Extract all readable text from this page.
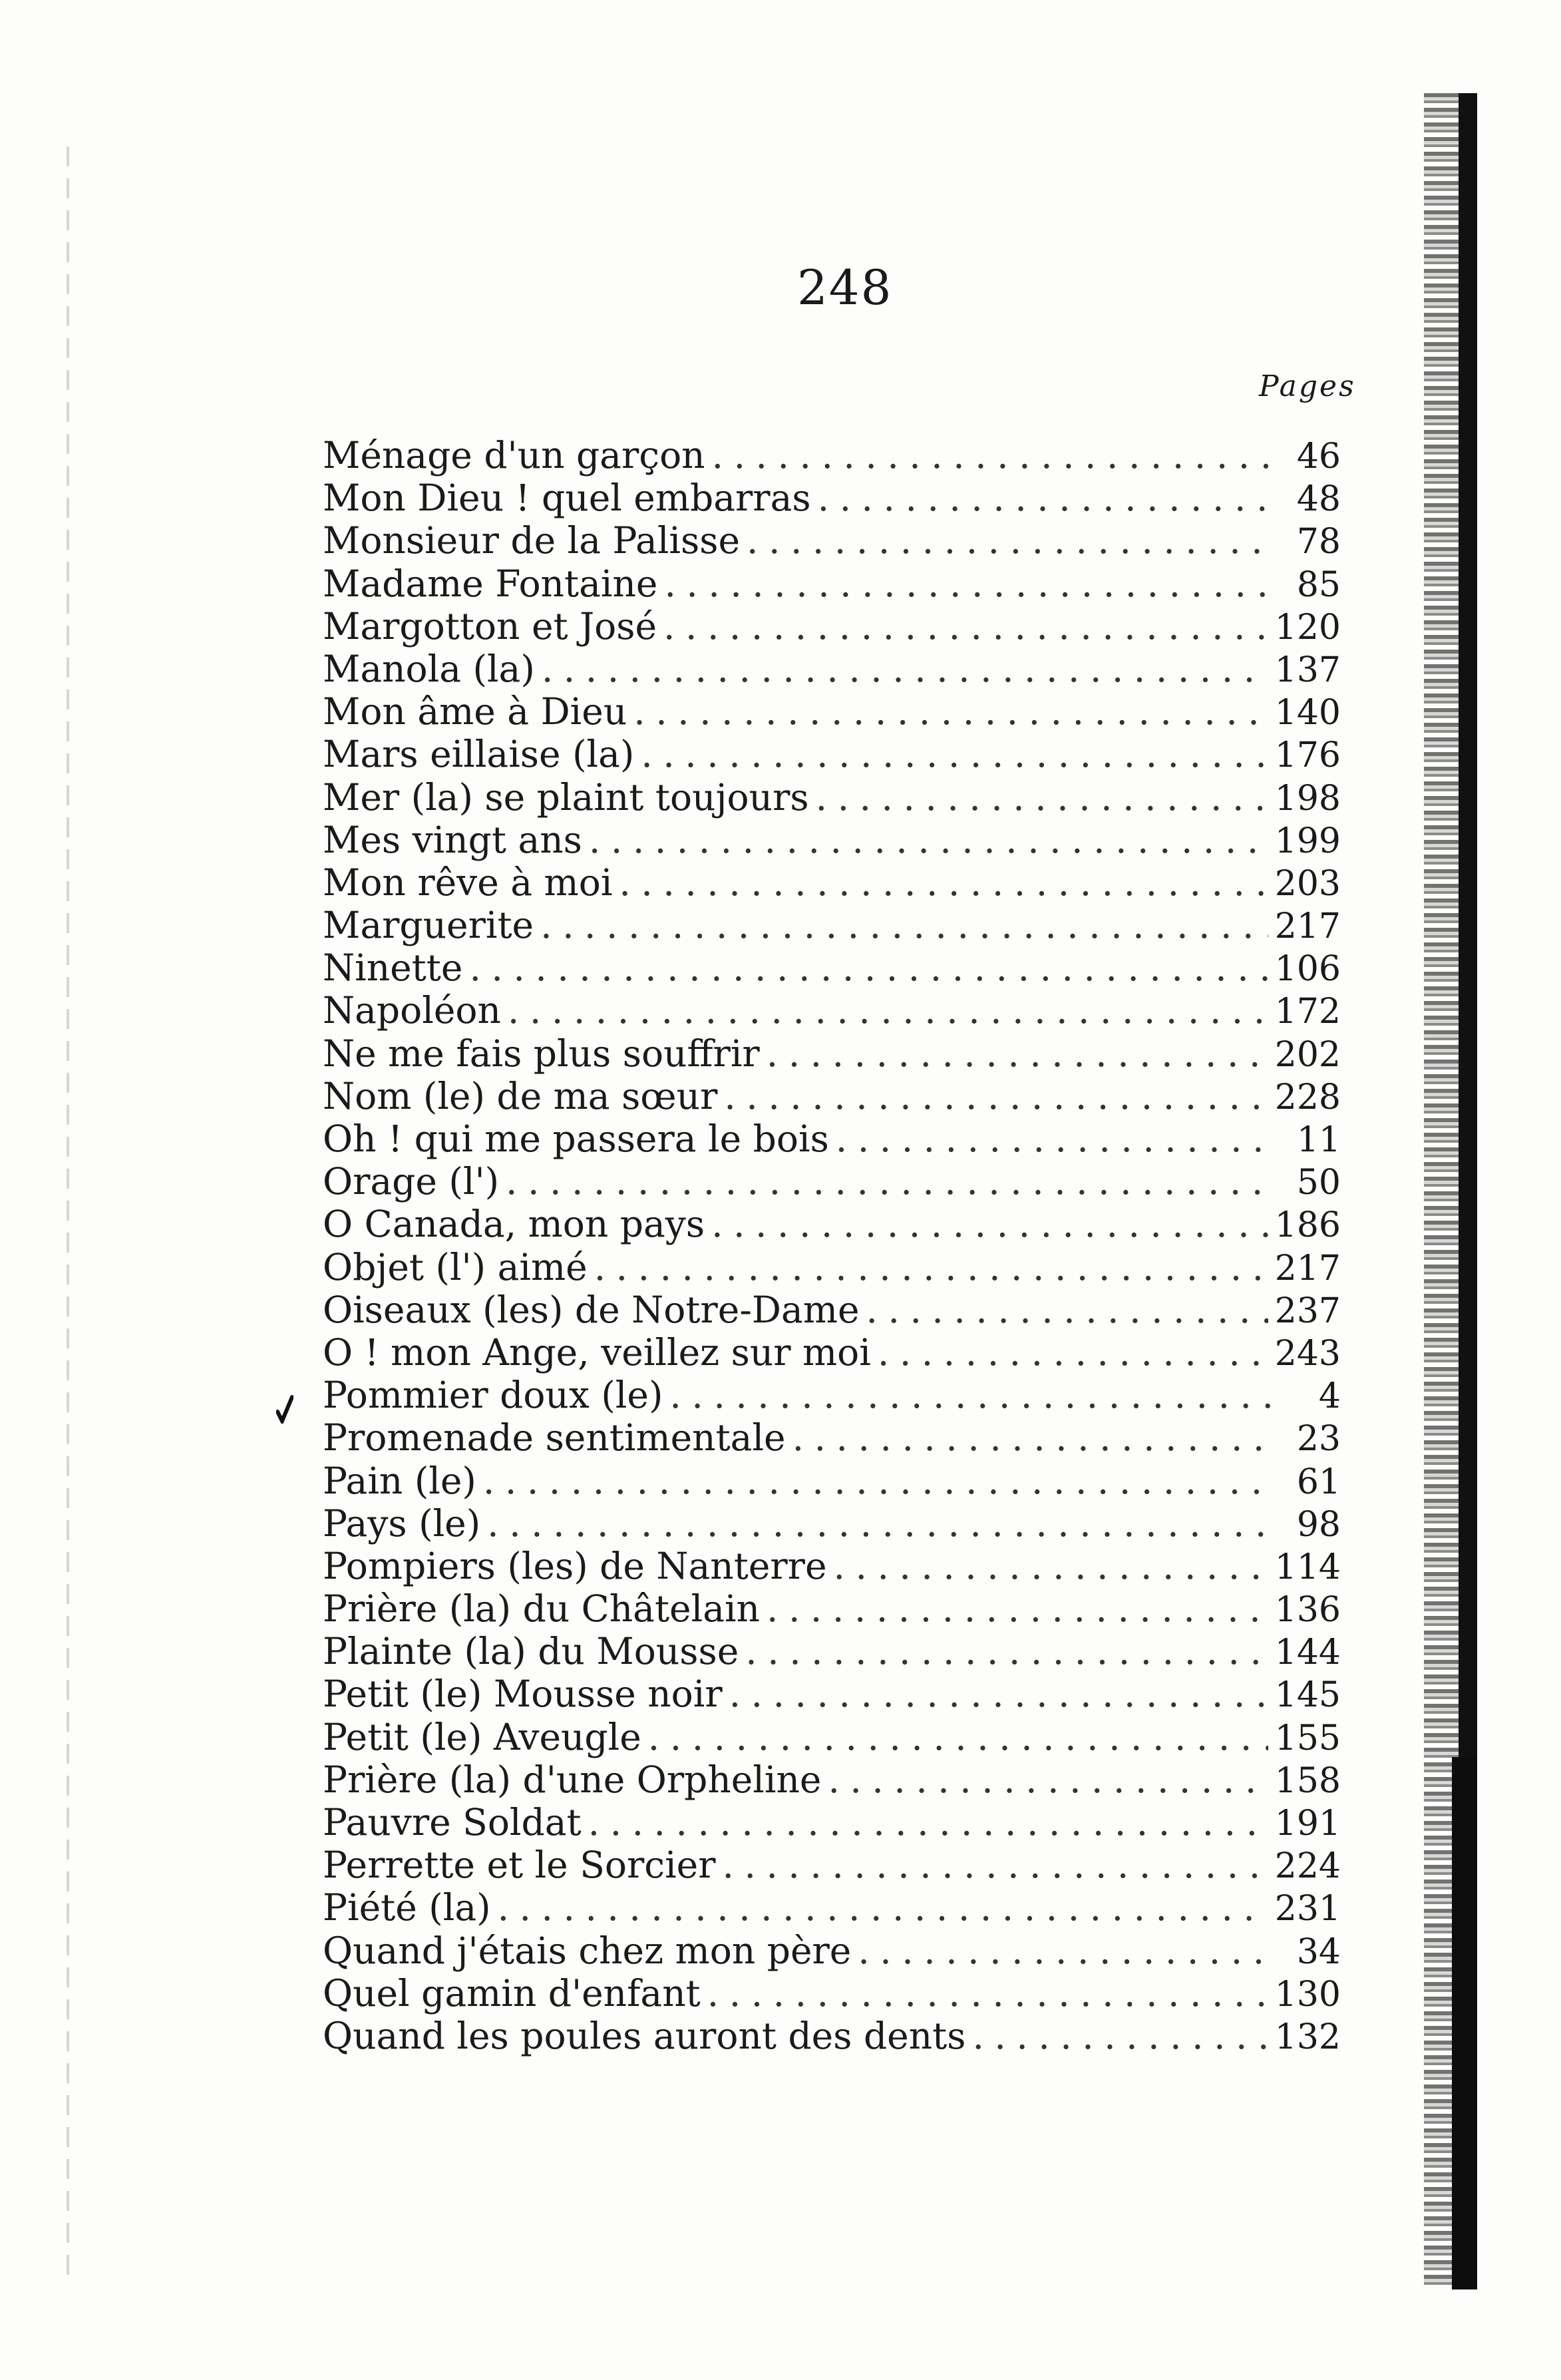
248
Pages
Ménage d'un garçon . . .	46
Mon Dieu ! quel embarras . . .	48
Monsieur de la Palisse . . .	78
Madame Fontaine . . .	85
Margotton et José . . .	120
Manola (la) . . .	137
Mon âme à Dieu . . .	140
Mars eillaise (la) . . .	176
Mer (la) se plaint toujours . . .	198
Mes vingt ans . . .	199
Mon rêve à moi . . .	203
Marguerite . . .	217
Ninette . . .	106
Napoléon . . .	172
Ne me fais plus souffrir . . .	202
Nom (le) de ma sœur . . .	228
Oh ! qui me passera le bois . . .	11
Orage (l') . . .	50
O Canada, mon pays . . .	186
Objet (l') aimé . . .	217
Oiseaux (les) de Notre-Dame . . .	237
O ! mon Ange, veillez sur moi . . .	243
Pommier doux (le) . . .	4
Promenade sentimentale . . .	23
Pain (le) . . .	61
Pays (le) . . .	98
Pompiers (les) de Nanterre . . .	114
Prière (la) du Châtelain . . .	136
Plainte (la) du Mousse . . .	144
Petit (le) Mousse noir . . .	145
Petit (le) Aveugle . . .	155
Prière (la) d'une Orpheline . . .	158
Pauvre Soldat . . .	191
Perrette et le Sorcier . . .	224
Piété (la) . . .	231
Quand j'étais chez mon père . . .	34
Quel gamin d'enfant . . .	130
Quand les poules auront des dents . . .	132
